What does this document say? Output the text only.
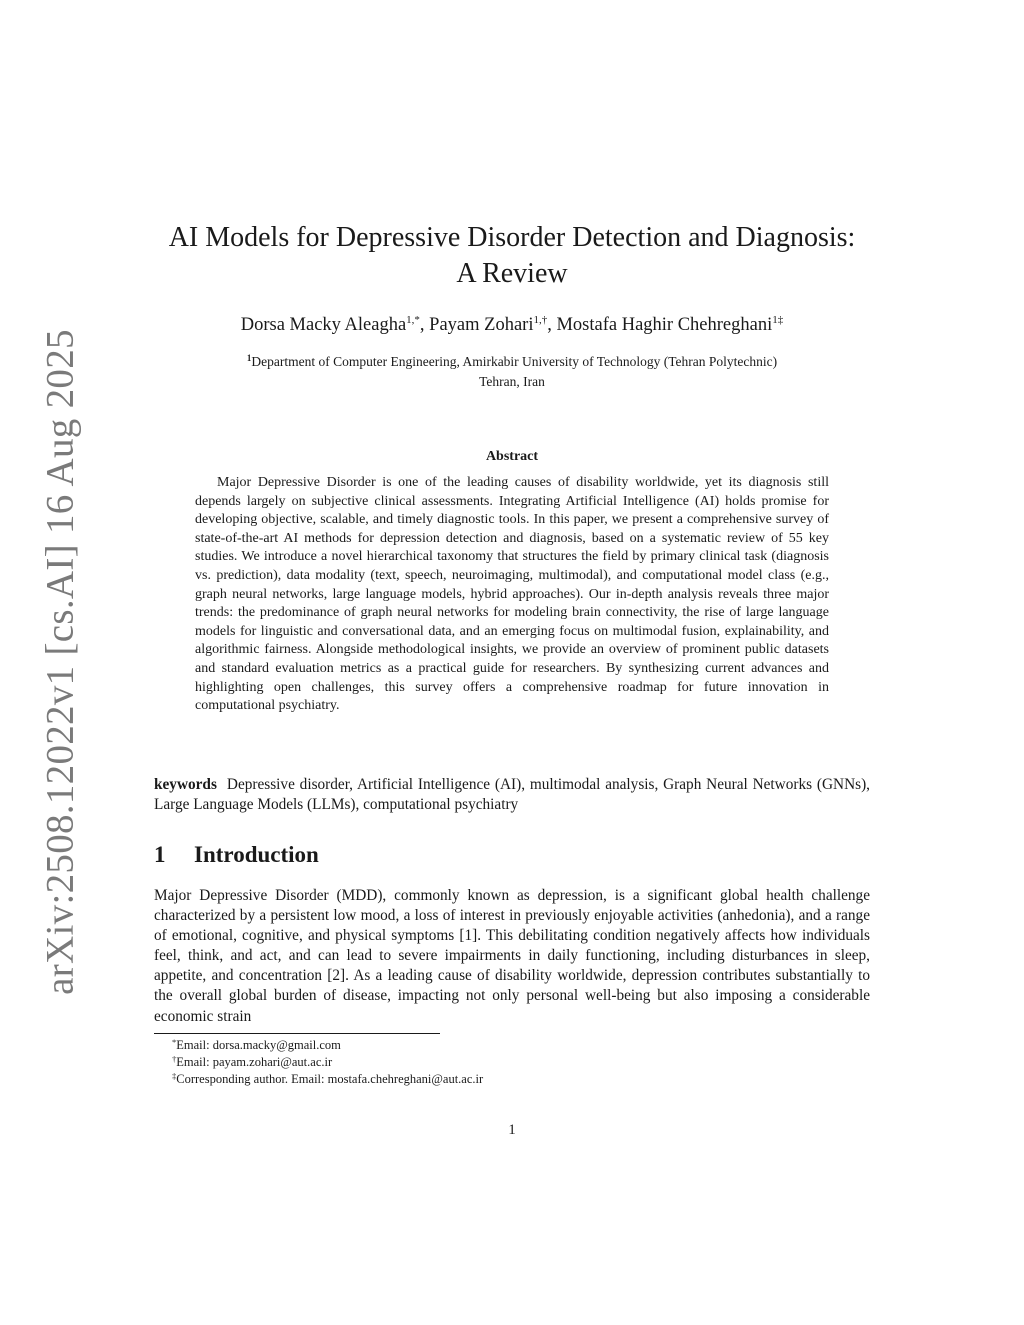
arXiv:2508.12022v1 [cs.AI] 16 Aug 2025
AI Models for Depressive Disorder Detection and Diagnosis:
A Review
Dorsa Macky Aleagha$^{1,*}$, Payam Zohari$^{1,\dagger}$, Mostafa Haghir Chehreghani$^{1\ddagger}$
$^1$Department of Computer Engineering, Amirkabir University of Technology (Tehran Polytechnic)
Tehran, Iran
Abstract
Major Depressive Disorder is one of the leading causes of disability worldwide, yet its diagnosis still depends largely on subjective clinical assessments. Integrating Artificial Intelligence (AI) holds promise for developing objective, scalable, and timely diagnostic tools. In this paper, we present a comprehensive survey of state-of-the-art AI methods for depression detection and diagnosis, based on a systematic review of 55 key studies. We introduce a novel hierarchical taxonomy that structures the field by primary clinical task (diagnosis vs. prediction), data modality (text, speech, neuroimaging, multimodal), and computational model class (e.g., graph neural networks, large language models, hybrid approaches). Our in-depth analysis reveals three major trends: the predominance of graph neural networks for modeling brain connectivity, the rise of large language models for linguistic and conversational data, and an emerging focus on multimodal fusion, explainability, and algorithmic fairness. Alongside methodological insights, we provide an overview of prominent public datasets and standard evaluation metrics as a practical guide for researchers. By synthesizing current advances and highlighting open challenges, this survey offers a comprehensive roadmap for future innovation in computational psychiatry.
keywords Depressive disorder, Artificial Intelligence (AI), multimodal analysis, Graph Neural Networks (GNNs), Large Language Models (LLMs), computational psychiatry
1 Introduction
Major Depressive Disorder (MDD), commonly known as depression, is a significant global health challenge characterized by a persistent low mood, a loss of interest in previously enjoyable activities (anhedonia), and a range of emotional, cognitive, and physical symptoms [1]. This debilitating condition negatively affects how individuals feel, think, and act, and can lead to severe impairments in daily functioning, including disturbances in sleep, appetite, and concentration [2]. As a leading cause of disability worldwide, depression contributes substantially to the overall global burden of disease, impacting not only personal well-being but also imposing a considerable economic strain
*Email: dorsa.macky@gmail.com
†Email: payam.zohari@aut.ac.ir
‡Corresponding author. Email: mostafa.chehreghani@aut.ac.ir
1
